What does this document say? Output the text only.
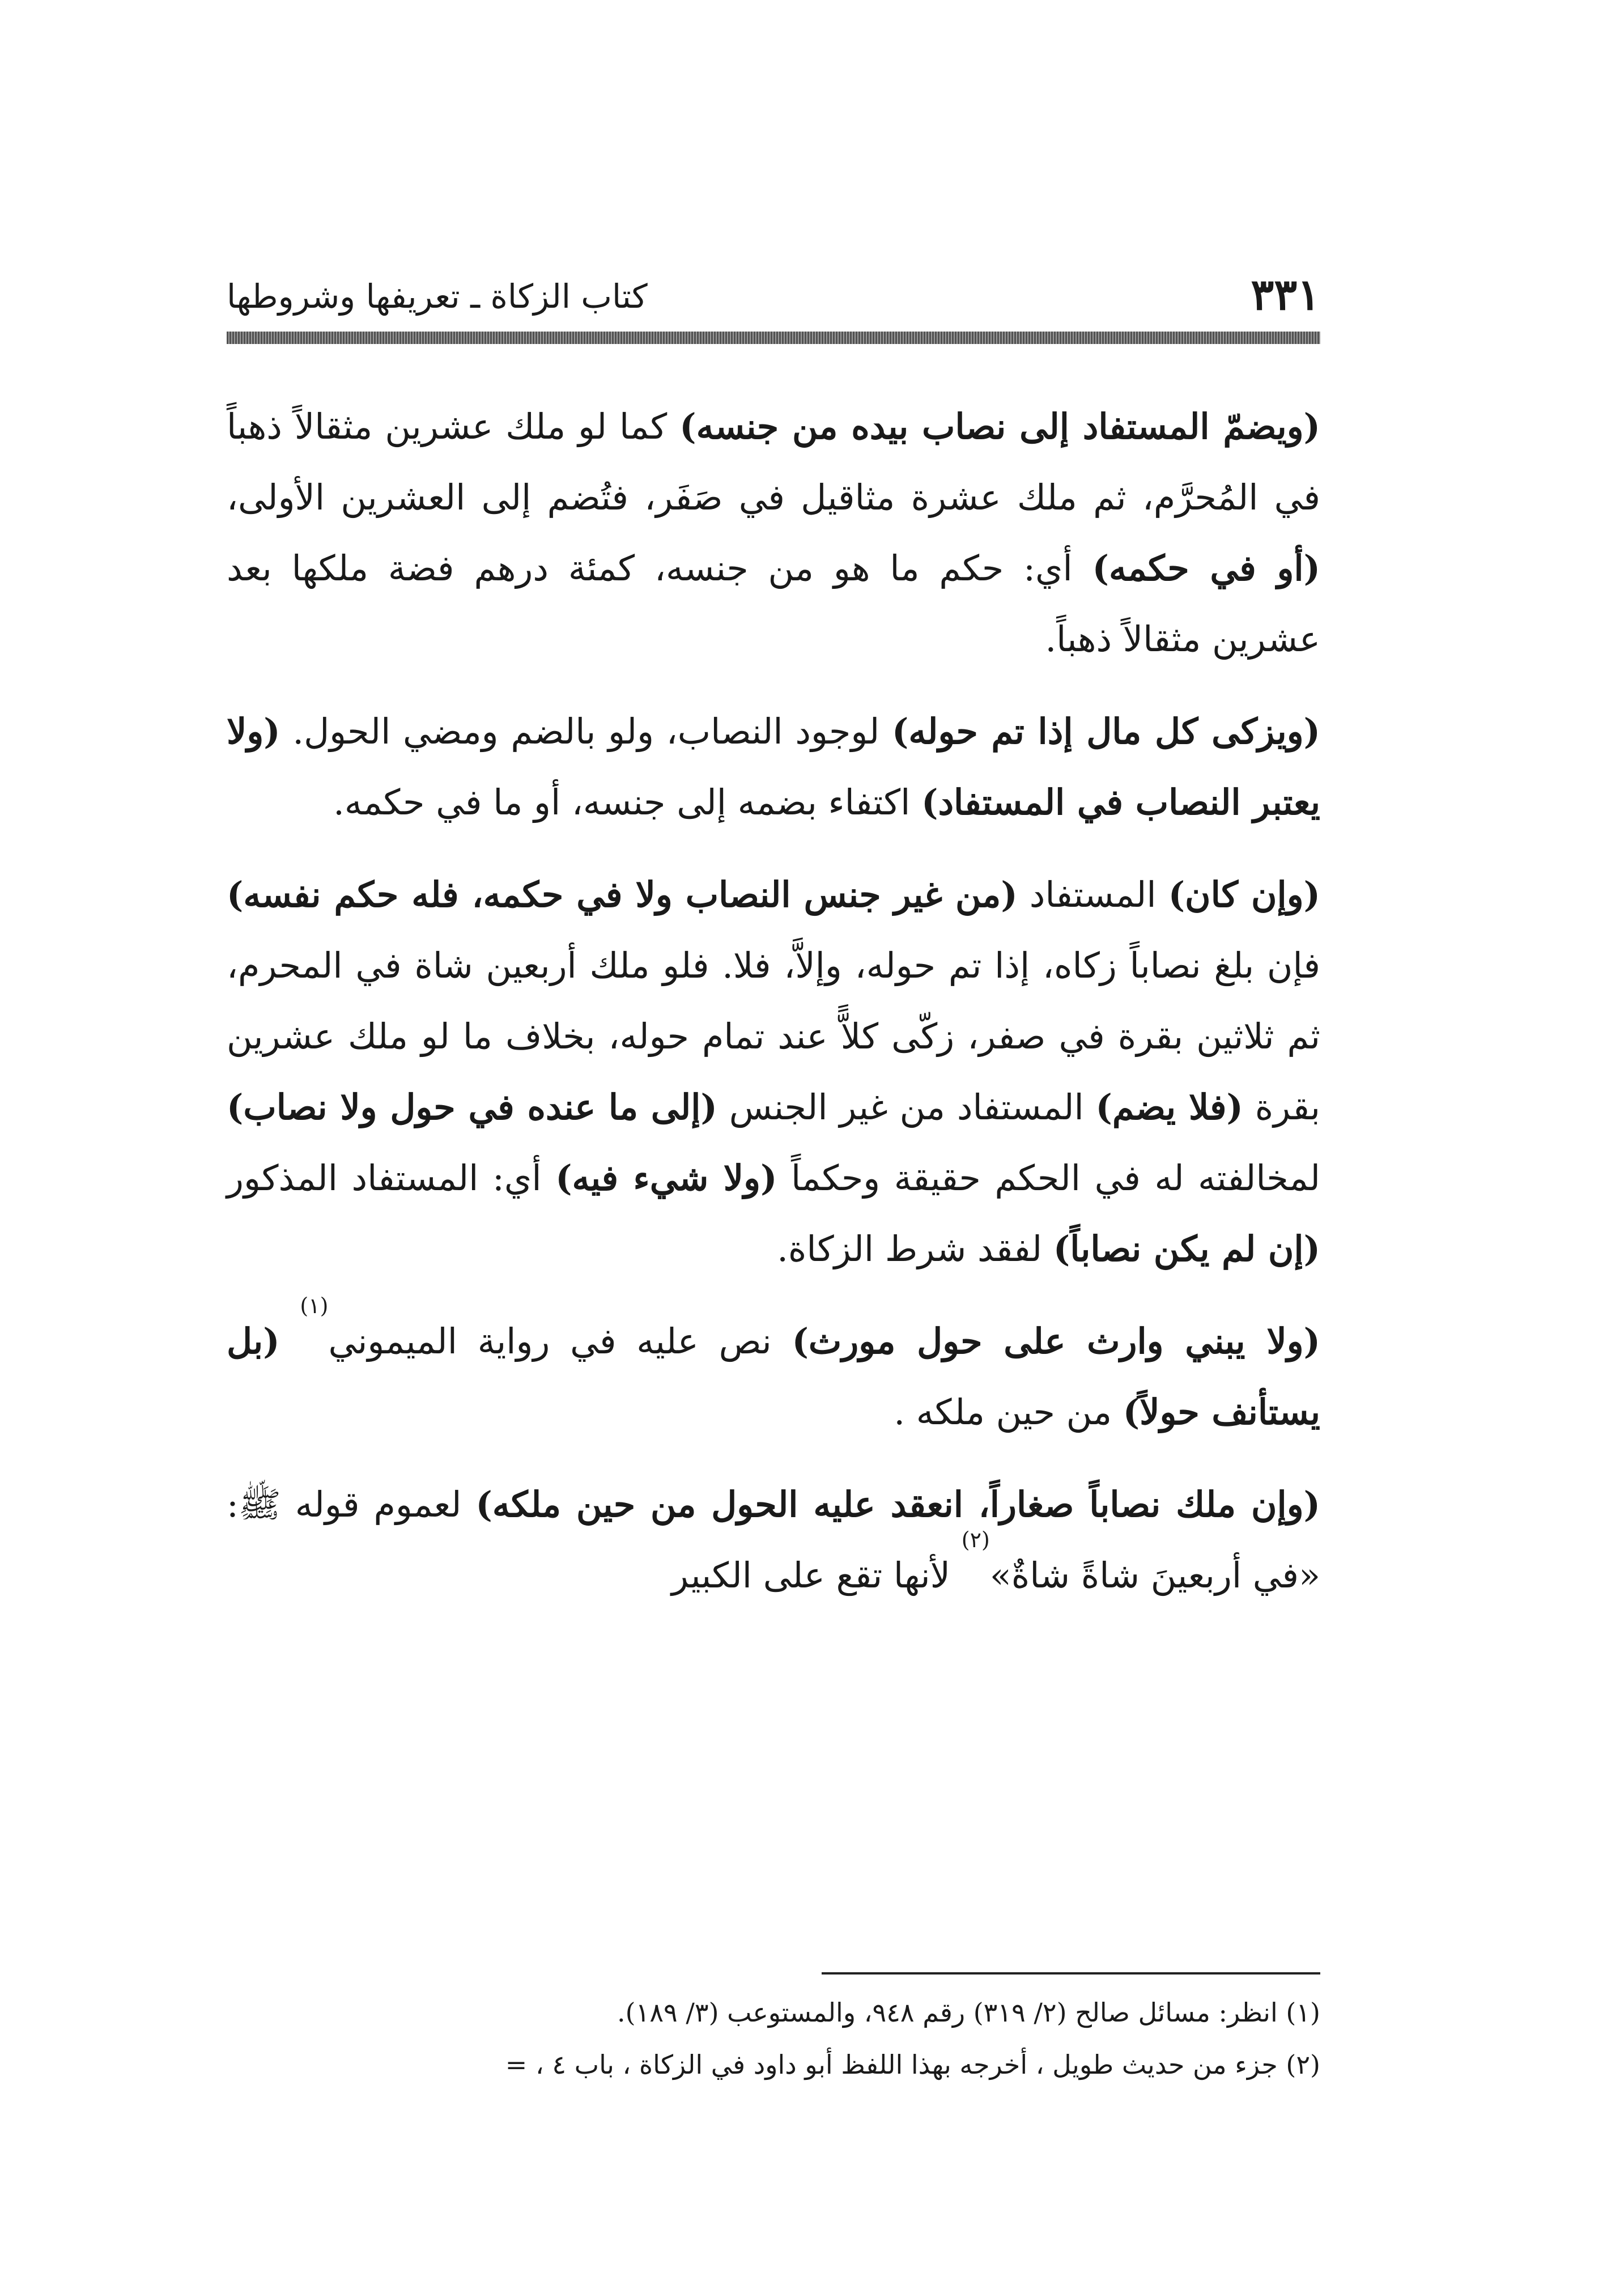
٣٣١
كتاب الزكاة ـ تعريفها وشروطها

(ويضمّ المستفاد إلى نصاب بيده من جنسه) كما لو ملك عشرين مثقالاً ذهباً في المُحرَّم، ثم ملك عشرة مثاقيل في صَفَر، فتُضم إلى العشرين الأولى، (أو في حكمه) أي: حكم ما هو من جنسه، كمئة درهم فضة ملكها بعد عشرين مثقالاً ذهباً.

(ويزكى كل مال إذا تم حوله) لوجود النصاب، ولو بالضم ومضي الحول. (ولا يعتبر النصاب في المستفاد) اكتفاء بضمه إلى جنسه، أو ما في حكمه.

(وإن كان) المستفاد (من غير جنس النصاب ولا في حكمه، فله حكم نفسه) فإن بلغ نصاباً زكاه، إذا تم حوله، وإلاَّ، فلا. فلو ملك أربعين شاة في المحرم، ثم ثلاثين بقرة في صفر، زكّى كلاًّ عند تمام حوله، بخلاف ما لو ملك عشرين بقرة (فلا يضم) المستفاد من غير الجنس (إلى ما عنده في حول ولا نصاب) لمخالفته له في الحكم حقيقة وحكماً (ولا شيء فيه) أي: المستفاد المذكور (إن لم يكن نصاباً) لفقد شرط الزكاة.

(ولا يبني وارث على حول مورث) نص عليه في رواية الميموني$^{(١)}$ (بل يستأنف حولاً) من حين ملكه .

(وإن ملك نصاباً صغاراً، انعقد عليه الحول من حين ملكه) لعموم قوله ﷺ: «في أربعينَ شاةً شاةٌ»$^{(٢)}$ لأنها تقع على الكبير

(١) انظر: مسائل صالح (٢/ ٣١٩) رقم ٩٤٨، والمستوعب (٣/ ١٨٩).

(٢) جزء من حديث طويل ، أخرجه بهذا اللفظ أبو داود في الزكاة ، باب ٤ ، =
